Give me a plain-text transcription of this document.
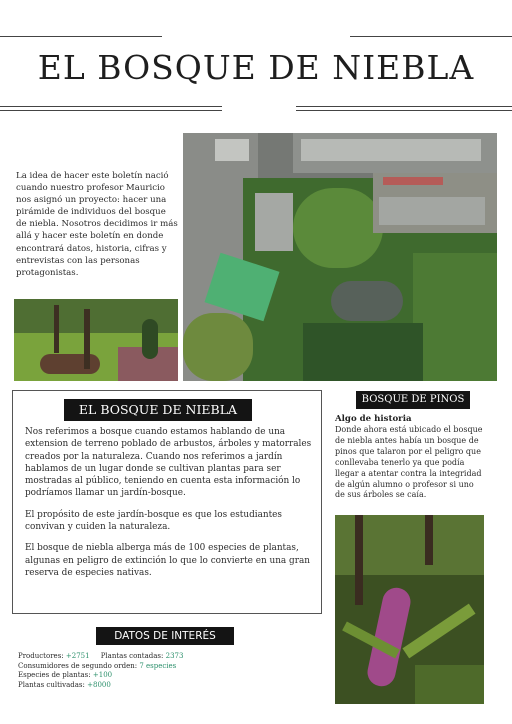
EL BOSQUE DE NIEBLA

La idea de hacer este boletín nació cuando nuestro profesor Mauricio nos asignó un proyecto: hacer una pirámide de individuos del bosque de niebla. Nosotros decidimos ir más allá y hacer este boletín en donde encontrará datos, historia, cifras y entrevistas con las personas protagonistas.

EL BOSQUE DE NIEBLA

Nos referimos a bosque cuando estamos hablando de una extension de terreno poblado de arbustos, árboles y matorrales creados por la naturaleza. Cuando nos referimos a jardín hablamos de un lugar donde se cultivan plantas para ser mostradas al público, teniendo en cuenta esta información lo podríamos llamar un jardín-bosque.

El propósito de este jardín-bosque es que los estudiantes convivan y cuiden la naturaleza.

El bosque de niebla alberga más de 100 especies de plantas, algunas en peligro de extinción lo que lo convierte en una gran reserva de especies nativas.

BOSQUE DE PINOS
Algo de historia

Donde ahora está ubicado el bosque de niebla antes había un bosque de pinos que talaron por el peligro que conllevaba tenerlo ya que podía llegar a atentar contra la integridad de algún alumno o profesor si uno de sus árboles se caía.

DATOS DE INTERÉS
Productores: +2751 Plantas contadas: 2373
Consumidores de segundo orden: 7 especies
Especies de plantas: +100
Plantas cultivadas: +8000
